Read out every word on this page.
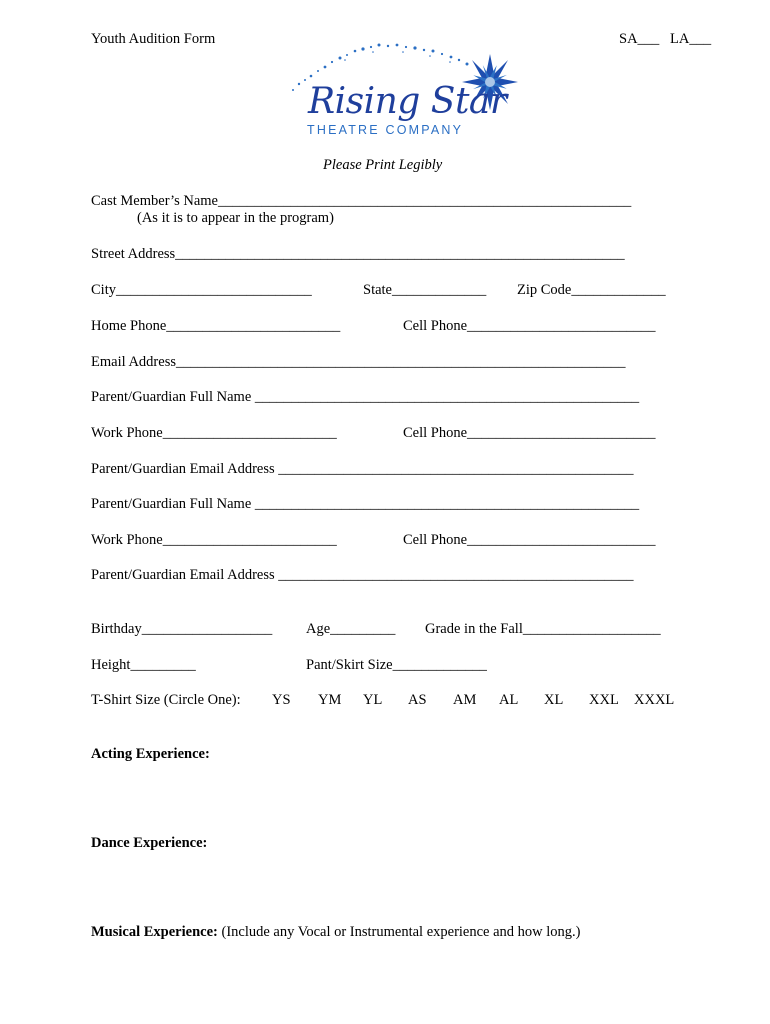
Youth Audition Form	SA___ LA___
Rising Star
THEATRE COMPANY
Please Print Legibly
Cast Member’s Name_________________________________________________________
(As it is to appear in the program)
Street Address______________________________________________________________
City___________________________	State_____________ Zip Code_____________
Home Phone________________________	Cell Phone__________________________
Email Address______________________________________________________________
Parent/Guardian Full Name _____________________________________________________
Work Phone________________________	Cell Phone__________________________
Parent/Guardian Email Address _________________________________________________
Parent/Guardian Full Name _____________________________________________________
Work Phone________________________	Cell Phone__________________________
Parent/Guardian Email Address _________________________________________________
Birthday__________________ Age_________ Grade in the Fall___________________
Height_________	Pant/Skirt Size_____________
T-Shirt Size (Circle One): YS YM YL AS AM AL XL XXL XXXL
Acting Experience:
Dance Experience:
Musical Experience: (Include any Vocal or Instrumental experience and how long.)
